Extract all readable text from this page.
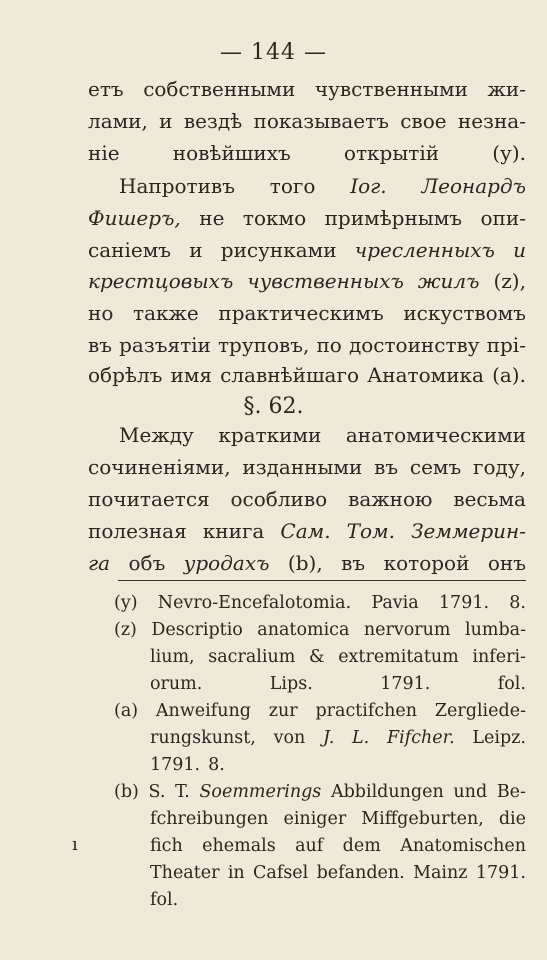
— 144 —
етъ собственными чувственными жи-
лами, и вездѣ показываетъ свое незна-
ніе	новѣйшихъ	открытій	(у).
Напротивъ того Іог. Леонардъ
Фишеръ, не токмо примѣрнымъ опи-
саніемъ и рисунками чресленныхъ и
крестцовыхъ чувственныхъ жилъ (z),
но также практическимъ искуствомъ
въ разъятіи труповъ, по достоинству прі-
обрѣлъ имя славнѣйшаго Анатомика (а).
§. 62.
Между краткими анатомическими
сочиненіями, изданными въ семъ году,
почитается особливо важною весьма
полезная книга Сам. Том. Земмерин-
га объ уродахъ (b), въ которой онъ
(y) Nevro-Encefalotomia. Pavia 1791. 8.
(z) Descriptio anatomica nervorum lumba-
lium, sacralium & extremitatum inferi-
orum.	Lips.	1791.	fol.
(a) Anweifung zur practifchen Zergliede-
rungskunst, von J. L. Fifcher. Leipz.
1791. 8.
(b) S. T. Soemmerings Abbildungen und Be-
fchreibungen einiger Miffgeburten, die
fich ehemals auf dem Anatomischen
Theater in Cafsel befanden. Mainz 1791.
fol.
ı
